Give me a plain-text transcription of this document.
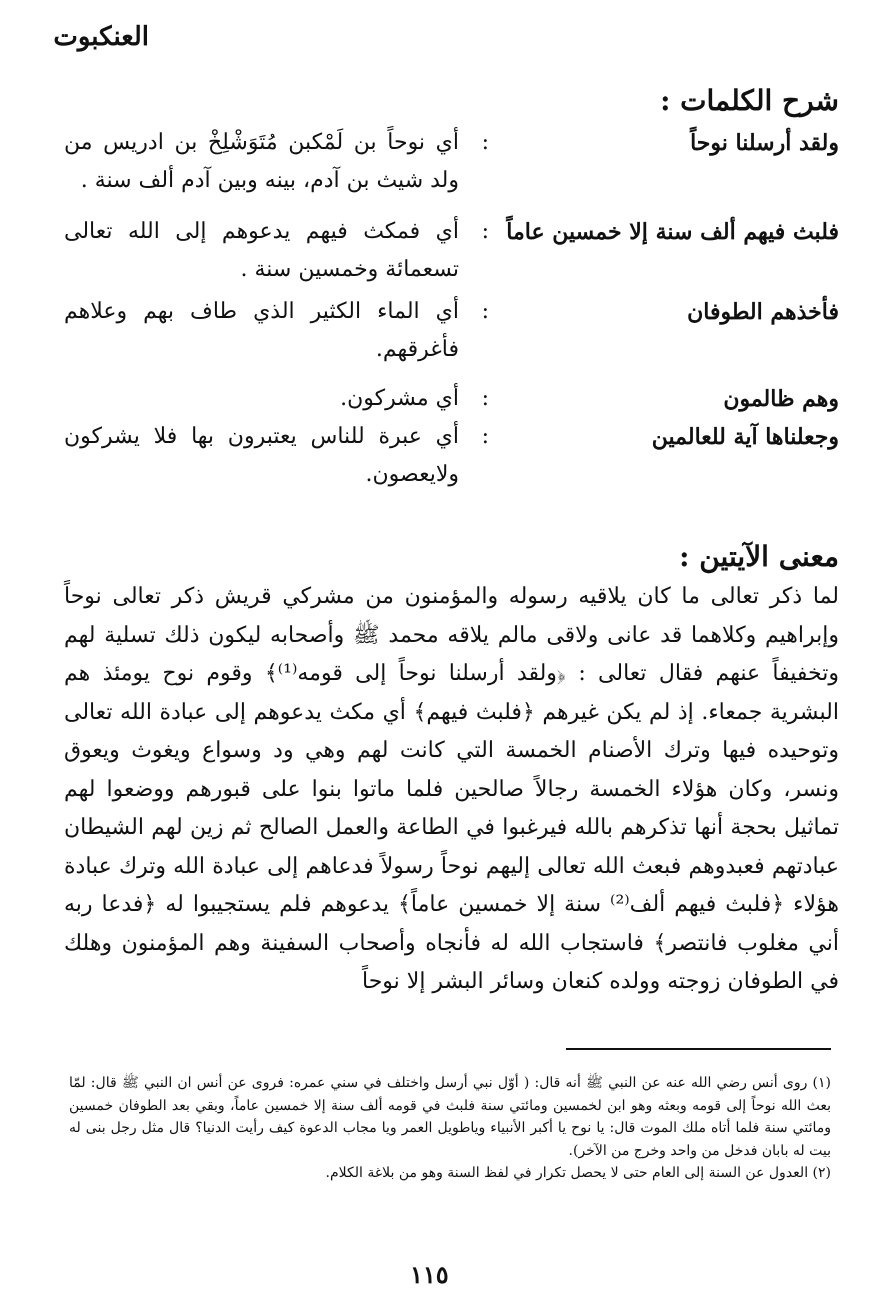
العنكبوت
شرح الكلمات :
ولقد أرسلنا نوحاً
:
أي نوحاً بن لَمْكبن مُتَوَشْلِخْ بن ادريس من ولد شيث بن آدم، بينه وبين آدم ألف سنة .
فلبث فيهم ألف سنة إلا خمسين عاماً
:
أي فمكث فيهم يدعوهم إلى الله تعالى تسعمائة وخمسين سنة .
فأخذهم الطوفان
:
أي الماء الكثير الذي طاف بهم وعلاهم فأغرقهم.
وهم ظالمون
:
أي مشركون.
وجعلناها آية للعالمين
:
أي عبرة للناس يعتبرون بها فلا يشركون ولايعصون.
معنى الآيتين :
لما ذكر تعالى ما كان يلاقيه رسوله والمؤمنون من مشركي قريش ذكر تعالى نوحاً وإبراهيم وكلاهما قد عانى ولاقى مالم يلاقه محمد ﷺ وأصحابه ليكون ذلك تسلية لهم وتخفيفاً عنهم فقال تعالى : ﴿ولقد أرسلنا نوحاً إلى قومه⁽¹⁾﴾ وقوم نوح يومئذ هم البشرية جمعاء. إذ لم يكن غيرهم ﴿فلبث فيهم﴾ أي مكث يدعوهم إلى عبادة الله تعالى وتوحيده فيها وترك الأصنام الخمسة التي كانت لهم وهي ود وسواع ويغوث ويعوق ونسر، وكان هؤلاء الخمسة رجالاً صالحين فلما ماتوا بنوا على قبورهم ووضعوا لهم تماثيل بحجة أنها تذكرهم بالله فيرغبوا في الطاعة والعمل الصالح ثم زين لهم الشيطان عبادتهم فعبدوهم فبعث الله تعالى إليهم نوحاً رسولاً فدعاهم إلى عبادة الله وترك عبادة هؤلاء ﴿فلبث فيهم ألف⁽²⁾ سنة إلا خمسين عاماً﴾ يدعوهم فلم يستجيبوا له ﴿فدعا ربه أني مغلوب فانتصر﴾ فاستجاب الله له فأنجاه وأصحاب السفينة وهم المؤمنون وهلك في الطوفان زوجته وولده كنعان وسائر البشر إلا نوحاً

(١) روى أنس رضي الله عنه عن النبي ﷺ أنه قال: ( أوّل نبي أرسل واختلف في سني عمره: فروى عن أنس ان النبي ﷺ قال: لمّا بعث الله نوحاً إلى قومه وبعثه وهو ابن لخمسين ومائتي سنة فلبث في قومه ألف سنة إلا خمسين عاماً، وبقي بعد الطوفان خمسين ومائتي سنة فلما أتاه ملك الموت قال: يا نوح يا أكبر الأنبياء وياطويل العمر ويا مجاب الدعوة كيف رأيت الدنيا؟ قال مثل رجل بنى له بيت له بابان فدخل من واحد وخرج من الآخر).

(٢) العدول عن السنة إلى العام حتى لا يحصل تكرار في لفظ السنة وهو من بلاغة الكلام.

١١٥
